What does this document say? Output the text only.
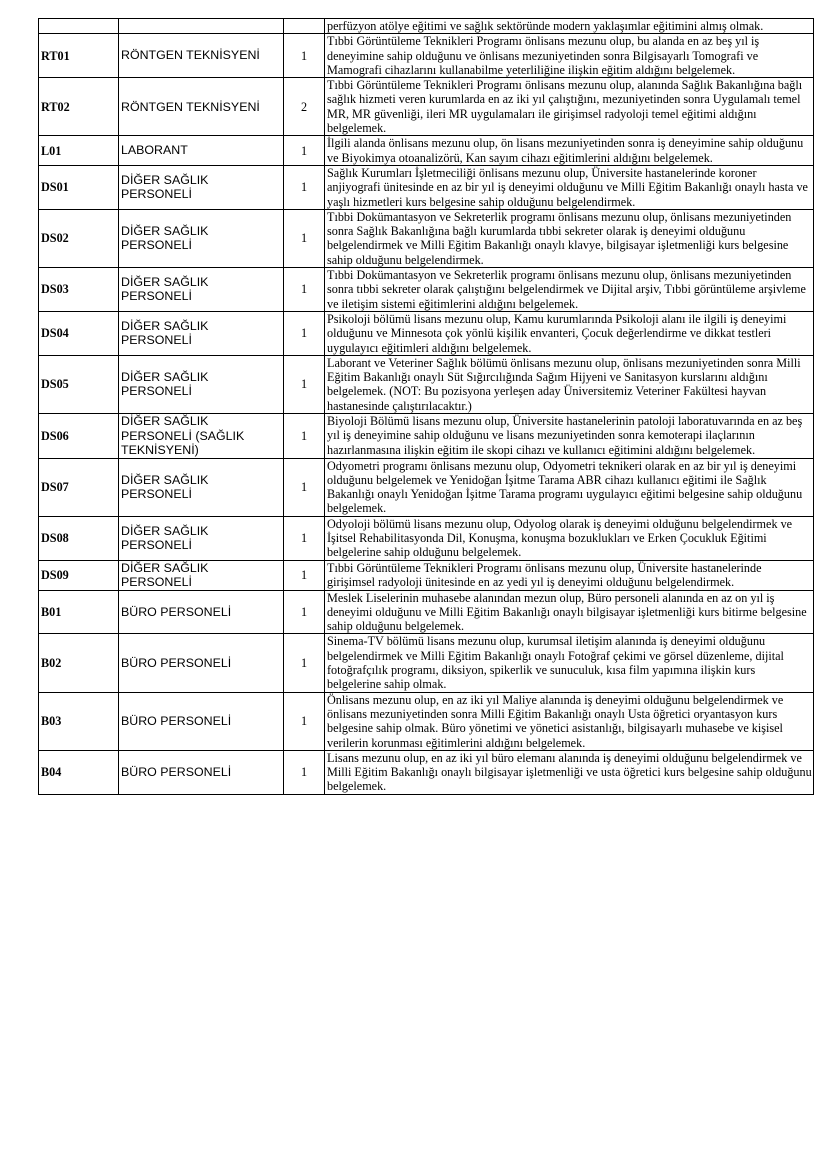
			perfüzyon atölye eğitimi ve sağlık sektöründe modern yaklaşımlar eğitimini almış olmak.
RT01	RÖNTGEN TEKNİSYENİ	1	Tıbbi Görüntüleme Teknikleri Programı önlisans mezunu olup, bu alanda en az beş yıl iş deneyimine sahip olduğunu ve önlisans mezuniyetinden sonra Bilgisayarlı Tomografi ve Mamografi cihazlarını kullanabilme yeterliliğine ilişkin eğitim aldığını belgelemek.
RT02	RÖNTGEN TEKNİSYENİ	2	Tıbbi Görüntüleme Teknikleri Programı önlisans mezunu olup, alanında Sağlık Bakanlığına bağlı sağlık hizmeti veren kurumlarda en az iki yıl çalıştığını, mezuniyetinden sonra Uygulamalı temel MR, MR güvenliği, ileri MR uygulamaları ile girişimsel radyoloji temel eğitimi aldığını belgelemek.
L01	LABORANT	1	İlgili alanda önlisans mezunu olup, ön lisans mezuniyetinden sonra iş deneyimine sahip olduğunu ve Biyokimya otoanalizörü, Kan sayım cihazı eğitimlerini aldığını belgelemek.
DS01	DİĞER SAĞLIK PERSONELİ	1	Sağlık Kurumları İşletmeciliği önlisans mezunu olup, Üniversite hastanelerinde koroner anjiyografi ünitesinde en az bir yıl iş deneyimi olduğunu ve Milli Eğitim Bakanlığı onaylı hasta ve yaşlı hizmetleri kurs belgesine sahip olduğunu belgelendirmek.
DS02	DİĞER SAĞLIK PERSONELİ	1	Tıbbi Dokümantasyon ve Sekreterlik programı önlisans mezunu olup, önlisans mezuniyetinden sonra Sağlık Bakanlığına bağlı kurumlarda tıbbi sekreter olarak iş deneyimi olduğunu belgelendirmek ve Milli Eğitim Bakanlığı onaylı klavye, bilgisayar işletmenliği kurs belgesine sahip olduğunu belgelendirmek.
DS03	DİĞER SAĞLIK PERSONELİ	1	Tıbbi Dokümantasyon ve Sekreterlik programı önlisans mezunu olup, önlisans mezuniyetinden sonra tıbbi sekreter olarak çalıştığını belgelendirmek ve Dijital arşiv, Tıbbi görüntüleme arşivleme ve iletişim sistemi eğitimlerini aldığını belgelemek.
DS04	DİĞER SAĞLIK PERSONELİ	1	Psikoloji bölümü lisans mezunu olup, Kamu kurumlarında Psikoloji alanı ile ilgili iş deneyimi olduğunu ve Minnesota çok yönlü kişilik envanteri, Çocuk değerlendirme ve dikkat testleri uygulayıcı eğitimleri aldığını belgelemek.
DS05	DİĞER SAĞLIK PERSONELİ	1	Laborant ve Veteriner Sağlık bölümü önlisans mezunu olup, önlisans mezuniyetinden sonra Milli Eğitim Bakanlığı onaylı Süt Sığırcılığında Sağım Hijyeni ve Sanitasyon kurslarını aldığını belgelemek. (NOT: Bu pozisyona yerleşen aday Üniversitemiz Veteriner Fakültesi hayvan hastanesinde çalıştırılacaktır.)
DS06	DİĞER SAĞLIK PERSONELİ (SAĞLIK TEKNİSYENİ)	1	Biyoloji Bölümü lisans mezunu olup, Üniversite hastanelerinin patoloji laboratuvarında en az beş yıl iş deneyimine sahip olduğunu ve lisans mezuniyetinden sonra kemoterapi ilaçlarının hazırlanmasına ilişkin eğitim ile skopi cihazı ve kullanıcı eğitimini aldığını belgelemek.
DS07	DİĞER SAĞLIK PERSONELİ	1	Odyometri programı önlisans mezunu olup, Odyometri teknikeri olarak en az bir yıl iş deneyimi olduğunu belgelemek ve Yenidoğan İşitme Tarama ABR cihazı kullanıcı eğitimi ile Sağlık Bakanlığı onaylı Yenidoğan İşitme Tarama programı uygulayıcı eğitimi belgesine sahip olduğunu belgelemek.
DS08	DİĞER SAĞLIK PERSONELİ	1	Odyoloji bölümü lisans mezunu olup, Odyolog olarak iş deneyimi olduğunu belgelendirmek ve İşitsel Rehabilitasyonda Dil, Konuşma, konuşma bozuklukları ve Erken Çocukluk Eğitimi belgelerine sahip olduğunu belgelemek.
DS09	DİĞER SAĞLIK PERSONELİ	1	Tıbbi Görüntüleme Teknikleri Programı önlisans mezunu olup, Üniversite hastanelerinde girişimsel radyoloji ünitesinde en az yedi yıl iş deneyimi olduğunu belgelendirmek.
B01	BÜRO PERSONELİ	1	Meslek Liselerinin muhasebe alanından mezun olup, Büro personeli alanında en az on yıl iş deneyimi olduğunu ve Milli Eğitim Bakanlığı onaylı bilgisayar işletmenliği kurs bitirme belgesine sahip olduğunu belgelemek.
B02	BÜRO PERSONELİ	1	Sinema-TV bölümü lisans mezunu olup, kurumsal iletişim alanında iş deneyimi olduğunu belgelendirmek ve Milli Eğitim Bakanlığı onaylı Fotoğraf çekimi ve görsel düzenleme, dijital fotoğrafçılık programı, diksiyon, spikerlik ve sunuculuk, kısa film yapımına ilişkin kurs belgelerine sahip olmak.
B03	BÜRO PERSONELİ	1	Önlisans mezunu olup, en az iki yıl Maliye alanında iş deneyimi olduğunu belgelendirmek ve önlisans mezuniyetinden sonra Milli Eğitim Bakanlığı onaylı Usta öğretici oryantasyon kurs belgesine sahip olmak. Büro yönetimi ve yönetici asistanlığı, bilgisayarlı muhasebe ve kişisel verilerin korunması eğitimlerini aldığını belgelemek.
B04	BÜRO PERSONELİ	1	Lisans mezunu olup, en az iki yıl büro elemanı alanında iş deneyimi olduğunu belgelendirmek ve Milli Eğitim Bakanlığı onaylı bilgisayar işletmenliği ve usta öğretici kurs belgesine sahip olduğunu belgelemek.
